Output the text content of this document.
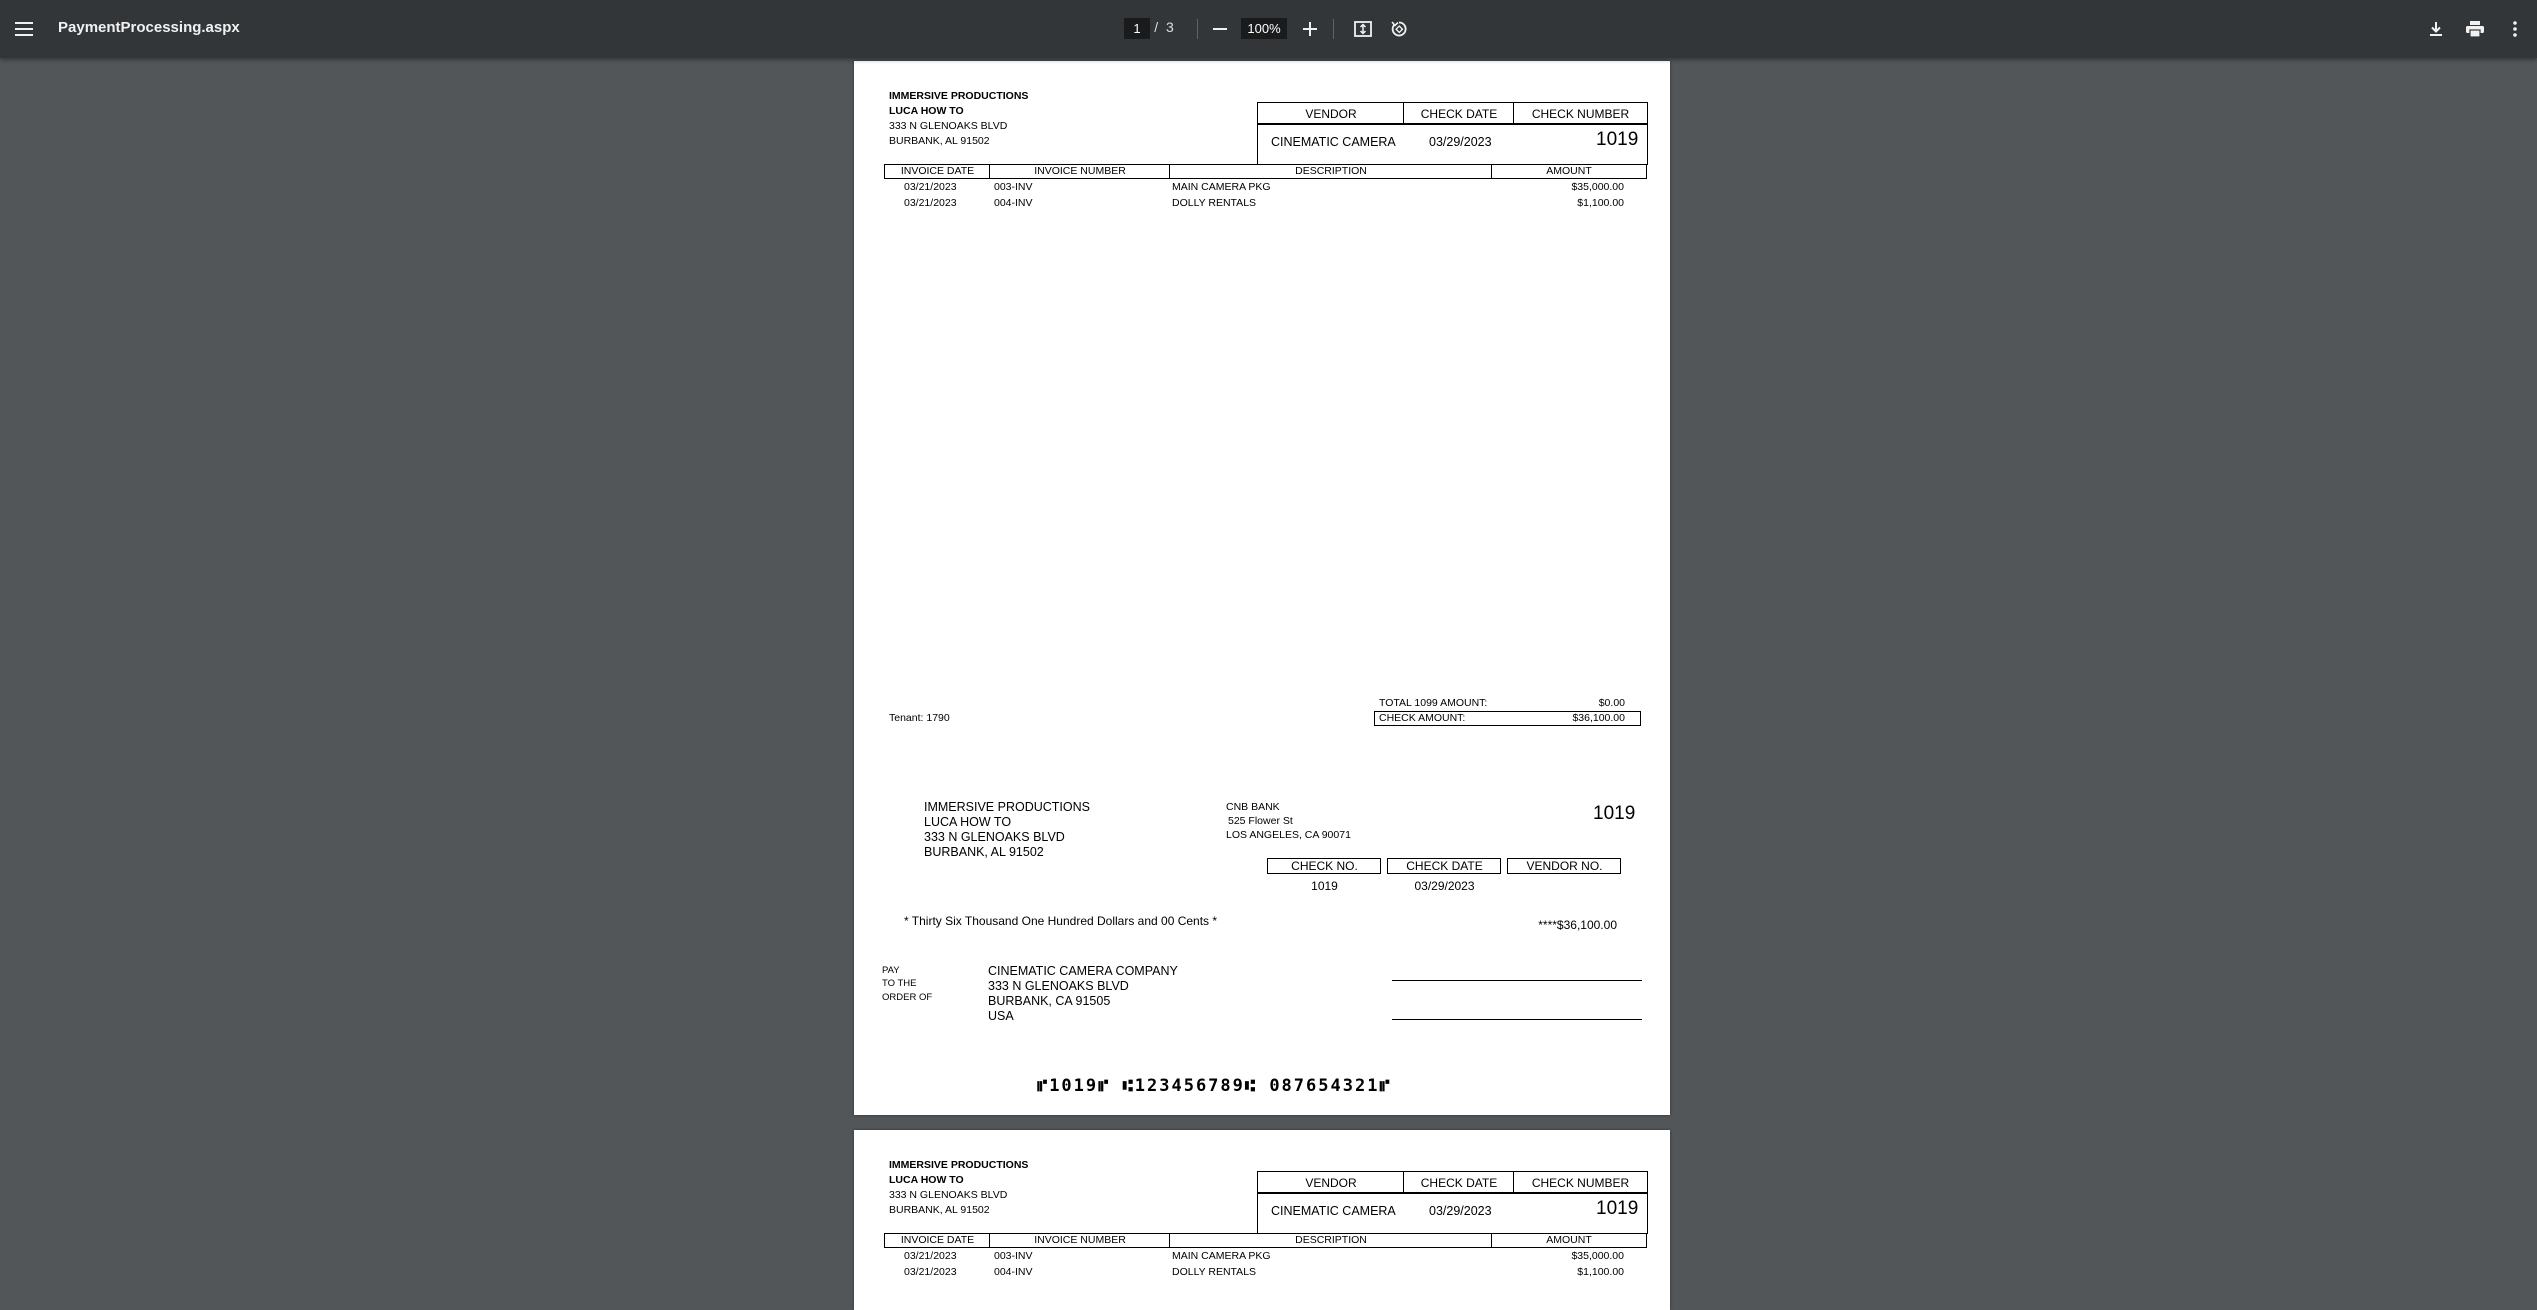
PaymentProcessing.aspx	1 / 3	100%
IMMERSIVE PRODUCTIONS
LUCA HOW TO
333 N GLENOAKS BLVD
BURBANK, AL 91502
VENDOR	CHECK DATE	CHECK NUMBER
CINEMATIC CAMERA	03/29/2023	1019
INVOICE DATE	INVOICE NUMBER	DESCRIPTION	AMOUNT
03/21/2023	003-INV	MAIN CAMERA PKG	$35,000.00
03/21/2023	004-INV	DOLLY RENTALS	$1,100.00
Tenant: 1790
TOTAL 1099 AMOUNT:	$0.00
CHECK AMOUNT:	$36,100.00
IMMERSIVE PRODUCTIONS
LUCA HOW TO
333 N GLENOAKS BLVD
BURBANK, AL 91502
CNB BANK
525 Flower St
LOS ANGELES, CA 90071
1019
CHECK NO.	CHECK DATE	VENDOR NO.
1019	03/29/2023
* Thirty Six Thousand One Hundred Dollars and 00 Cents *	****$36,100.00
PAY
TO THE
ORDER OF
CINEMATIC CAMERA COMPANY
333 N GLENOAKS BLVD
BURBANK, CA 91505
USA
⑈1019⑈ ⑆123456789⑆ 087654321⑈
IMMERSIVE PRODUCTIONS
LUCA HOW TO
333 N GLENOAKS BLVD
BURBANK, AL 91502
VENDOR	CHECK DATE	CHECK NUMBER
CINEMATIC CAMERA	03/29/2023	1019
INVOICE DATE	INVOICE NUMBER	DESCRIPTION	AMOUNT
03/21/2023	003-INV	MAIN CAMERA PKG	$35,000.00
03/21/2023	004-INV	DOLLY RENTALS	$1,100.00
